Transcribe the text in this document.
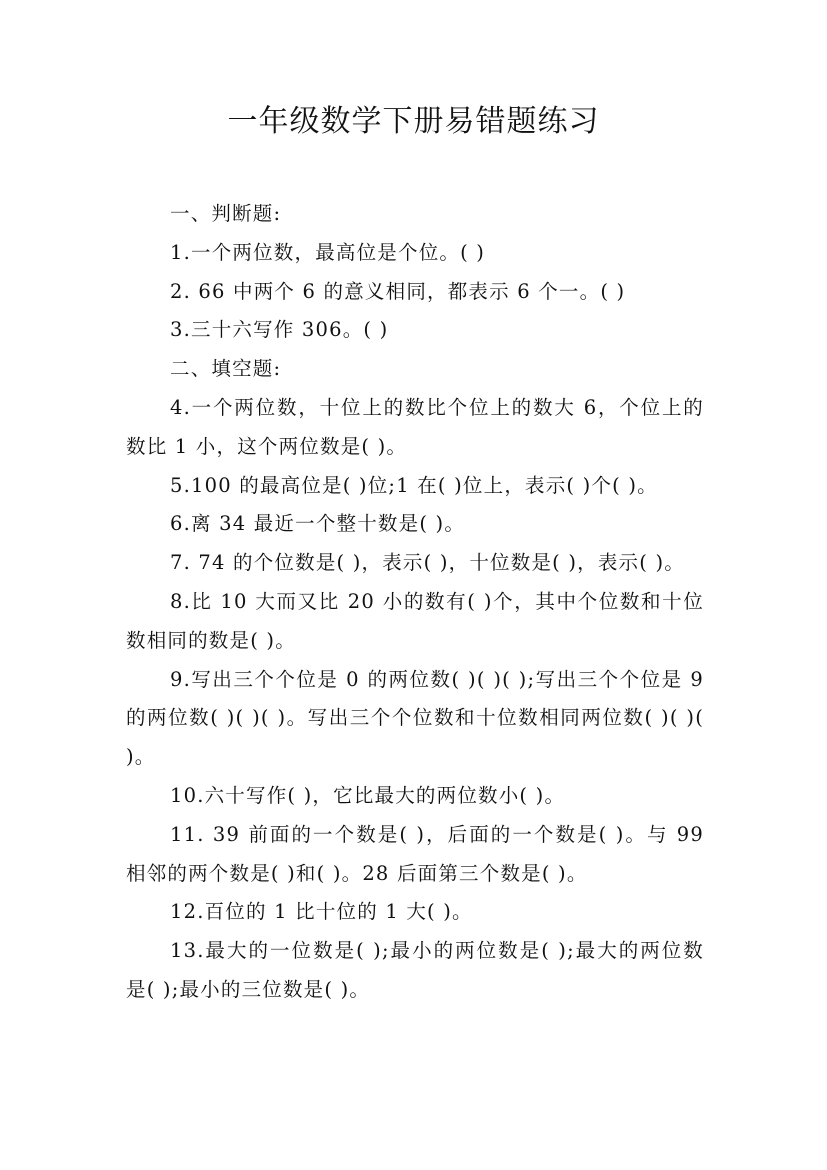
一年级数学下册易错题练习

一、判断题:

1.一个两位数，最高位是个位。( )

2. 66 中两个 6 的意义相同，都表示 6 个一。( )

3.三十六写作 306。( )

二、填空题:

4.一个两位数，十位上的数比个位上的数大 6，个位上的数比 1 小，这个两位数是( )。

5.100 的最高位是( )位;1 在( )位上，表示( )个( )。

6.离 34 最近一个整十数是( )。

7. 74 的个位数是( )，表示( )，十位数是( )，表示( )。

8.比 10 大而又比 20 小的数有( )个，其中个位数和十位数相同的数是( )。

9.写出三个个位是 0 的两位数( )( )( );写出三个个位是 9 的两位数( )( )( )。写出三个个位数和十位数相同两位数( )( )( )。

10.六十写作( )，它比最大的两位数小( )。

11. 39 前面的一个数是( )，后面的一个数是( )。与 99 相邻的两个数是( )和( )。28 后面第三个数是( )。

12.百位的 1 比十位的 1 大( )。

13.最大的一位数是( );最小的两位数是( );最大的两位数是( );最小的三位数是( )。
